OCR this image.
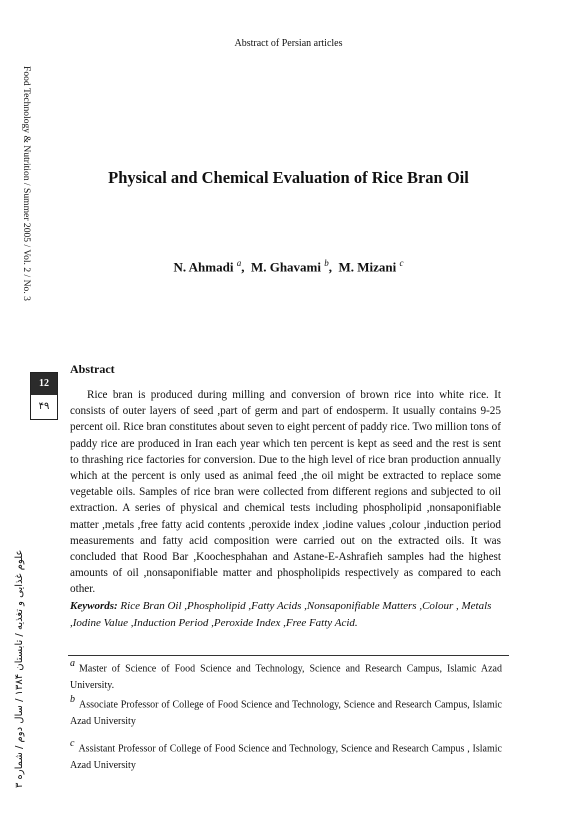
Abstract of Persian articles
Food Technology & Nutrition / Summer 2005 / Vol. 2 / No. 3
12
۴۹
علوم غذایی و تغذیه / تابستان ۱۳۸۴ / سال دوم / شماره ۳
Physical and Chemical Evaluation of Rice Bran Oil
N. Ahmadi $^a$, M. Ghavami $^b$, M. Mizani $^c$
Abstract

Rice bran is produced during milling and conversion of brown rice into white rice. It consists of outer layers of seed ,part of germ and part of endosperm. It usually contains 9-25 percent oil. Rice bran constitutes about seven to eight percent of paddy rice. Two million tons of paddy rice are produced in Iran each year which ten percent is kept as seed and the rest is sent to thrashing rice factories for conversion. Due to the high level of rice bran production annually which at the percent is only used as animal feed ,the oil might be extracted to replace some vegetable oils. Samples of rice bran were collected from different regions and subjected to oil extraction. A series of physical and chemical tests including phospholipid ,nonsaponifiable matter ,metals ,free fatty acid contents ,peroxide index ,iodine values ,colour ,induction period measurements and fatty acid composition were carried out on the extracted oils. It was concluded that Rood Bar ,Koochesphahan and Astane-E-Ashrafieh samples had the highest amounts of oil ,nonsaponifiable matter and phospholipids respectively as compared to each other.

Keywords: Rice Bran Oil ,Phospholipid ,Fatty Acids ,Nonsaponifiable Matters ,Colour , Metals ,Iodine Value ,Induction Period ,Peroxide Index ,Free Fatty Acid.

$^a$ Master of Science of Food Science and Technology, Science and Research Campus, Islamic Azad University.

$^b$ Associate Professor of College of Food Science and Technology, Science and Research Campus, Islamic Azad University

$^c$ Assistant Professor of College of Food Science and Technology, Science and Research Campus , Islamic Azad University
